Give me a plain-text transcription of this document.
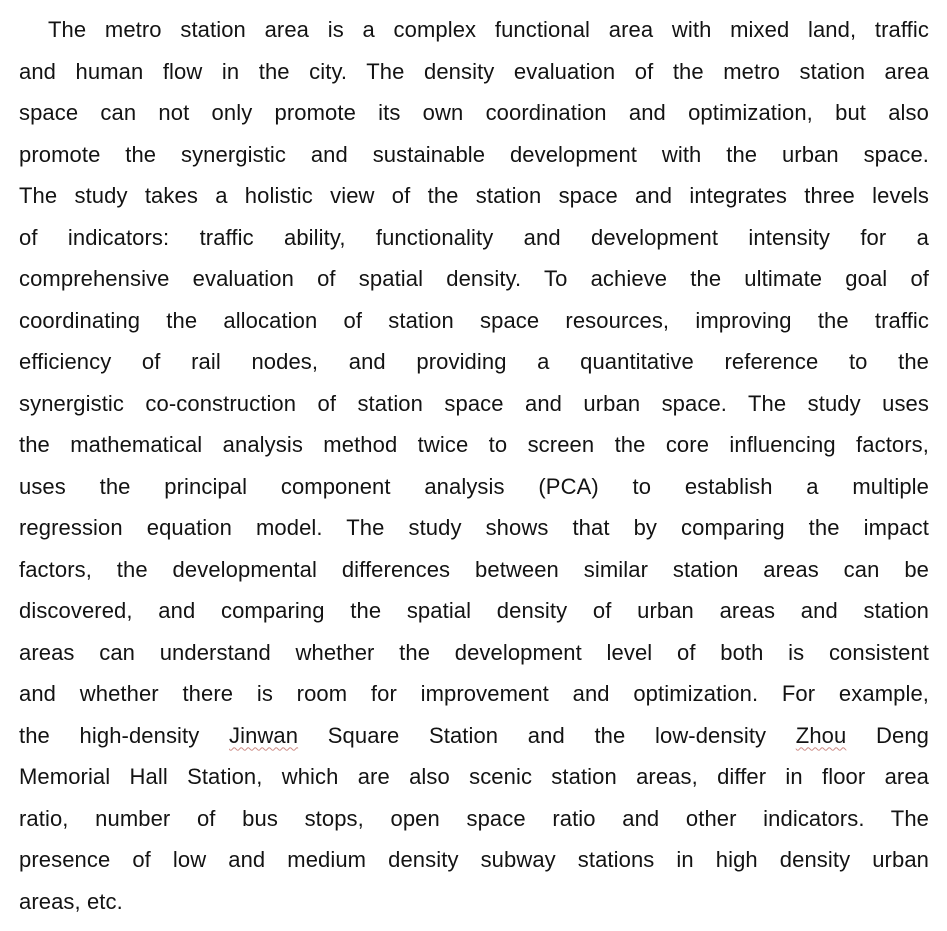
The metro station area is a complex functional area with mixed land, traffic
and human flow in the city. The density evaluation of the metro station area
space can not only promote its own coordination and optimization, but also
promote the synergistic and sustainable development with the urban space.
The study takes a holistic view of the station space and integrates three levels
of indicators: traffic ability, functionality and development intensity for a
comprehensive evaluation of spatial density. To achieve the ultimate goal of
coordinating the allocation of station space resources, improving the traffic
efficiency of rail nodes, and providing a quantitative reference to the
synergistic co-construction of station space and urban space. The study uses
the mathematical analysis method twice to screen the core influencing factors,
uses the principal component analysis (PCA) to establish a multiple
regression equation model. The study shows that by comparing the impact
factors, the developmental differences between similar station areas can be
discovered, and comparing the spatial density of urban areas and station
areas can understand whether the development level of both is consistent
and whether there is room for improvement and optimization. For example,
the high-density Jinwan Square Station and the low-density Zhou Deng
Memorial Hall Station, which are also scenic station areas, differ in floor area
ratio, number of bus stops, open space ratio and other indicators. The
presence of low and medium density subway stations in high density urban
areas, etc.
